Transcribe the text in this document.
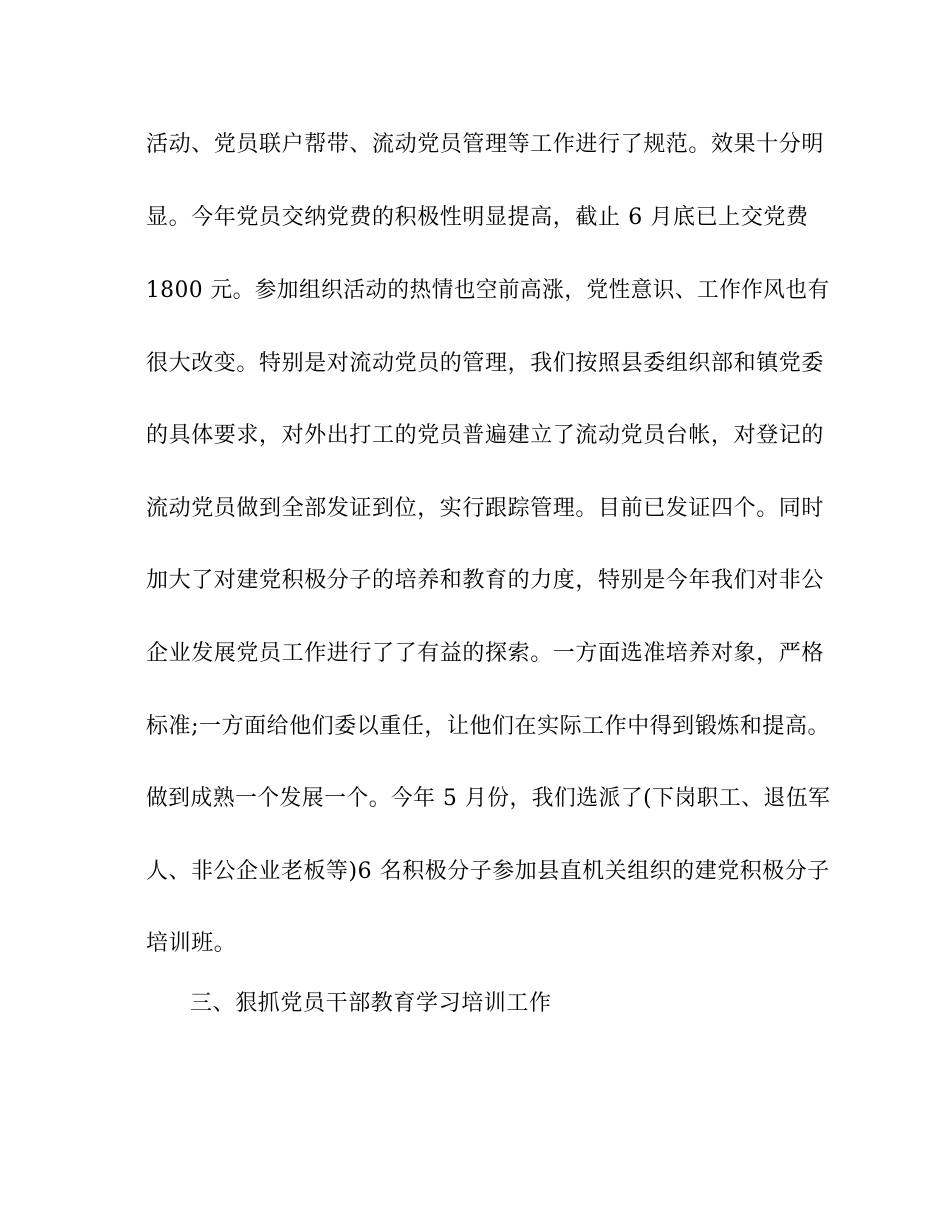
活动、党员联户帮带、流动党员管理等工作进行了规范。效果十分明
显。今年党员交纳党费的积极性明显提高，截止 6 月底已上交党费
1800 元。参加组织活动的热情也空前高涨，党性意识、工作作风也有
很大改变。特别是对流动党员的管理，我们按照县委组织部和镇党委
的具体要求，对外出打工的党员普遍建立了流动党员台帐，对登记的
流动党员做到全部发证到位，实行跟踪管理。目前已发证四个。同时
加大了对建党积极分子的培养和教育的力度，特别是今年我们对非公
企业发展党员工作进行了了有益的探索。一方面选准培养对象，严格
标准;一方面给他们委以重任，让他们在实际工作中得到锻炼和提高。
做到成熟一个发展一个。今年 5 月份，我们选派了(下岗职工、退伍军
人、非公企业老板等)6 名积极分子参加县直机关组织的建党积极分子
培训班。
三、狠抓党员干部教育学习培训工作
